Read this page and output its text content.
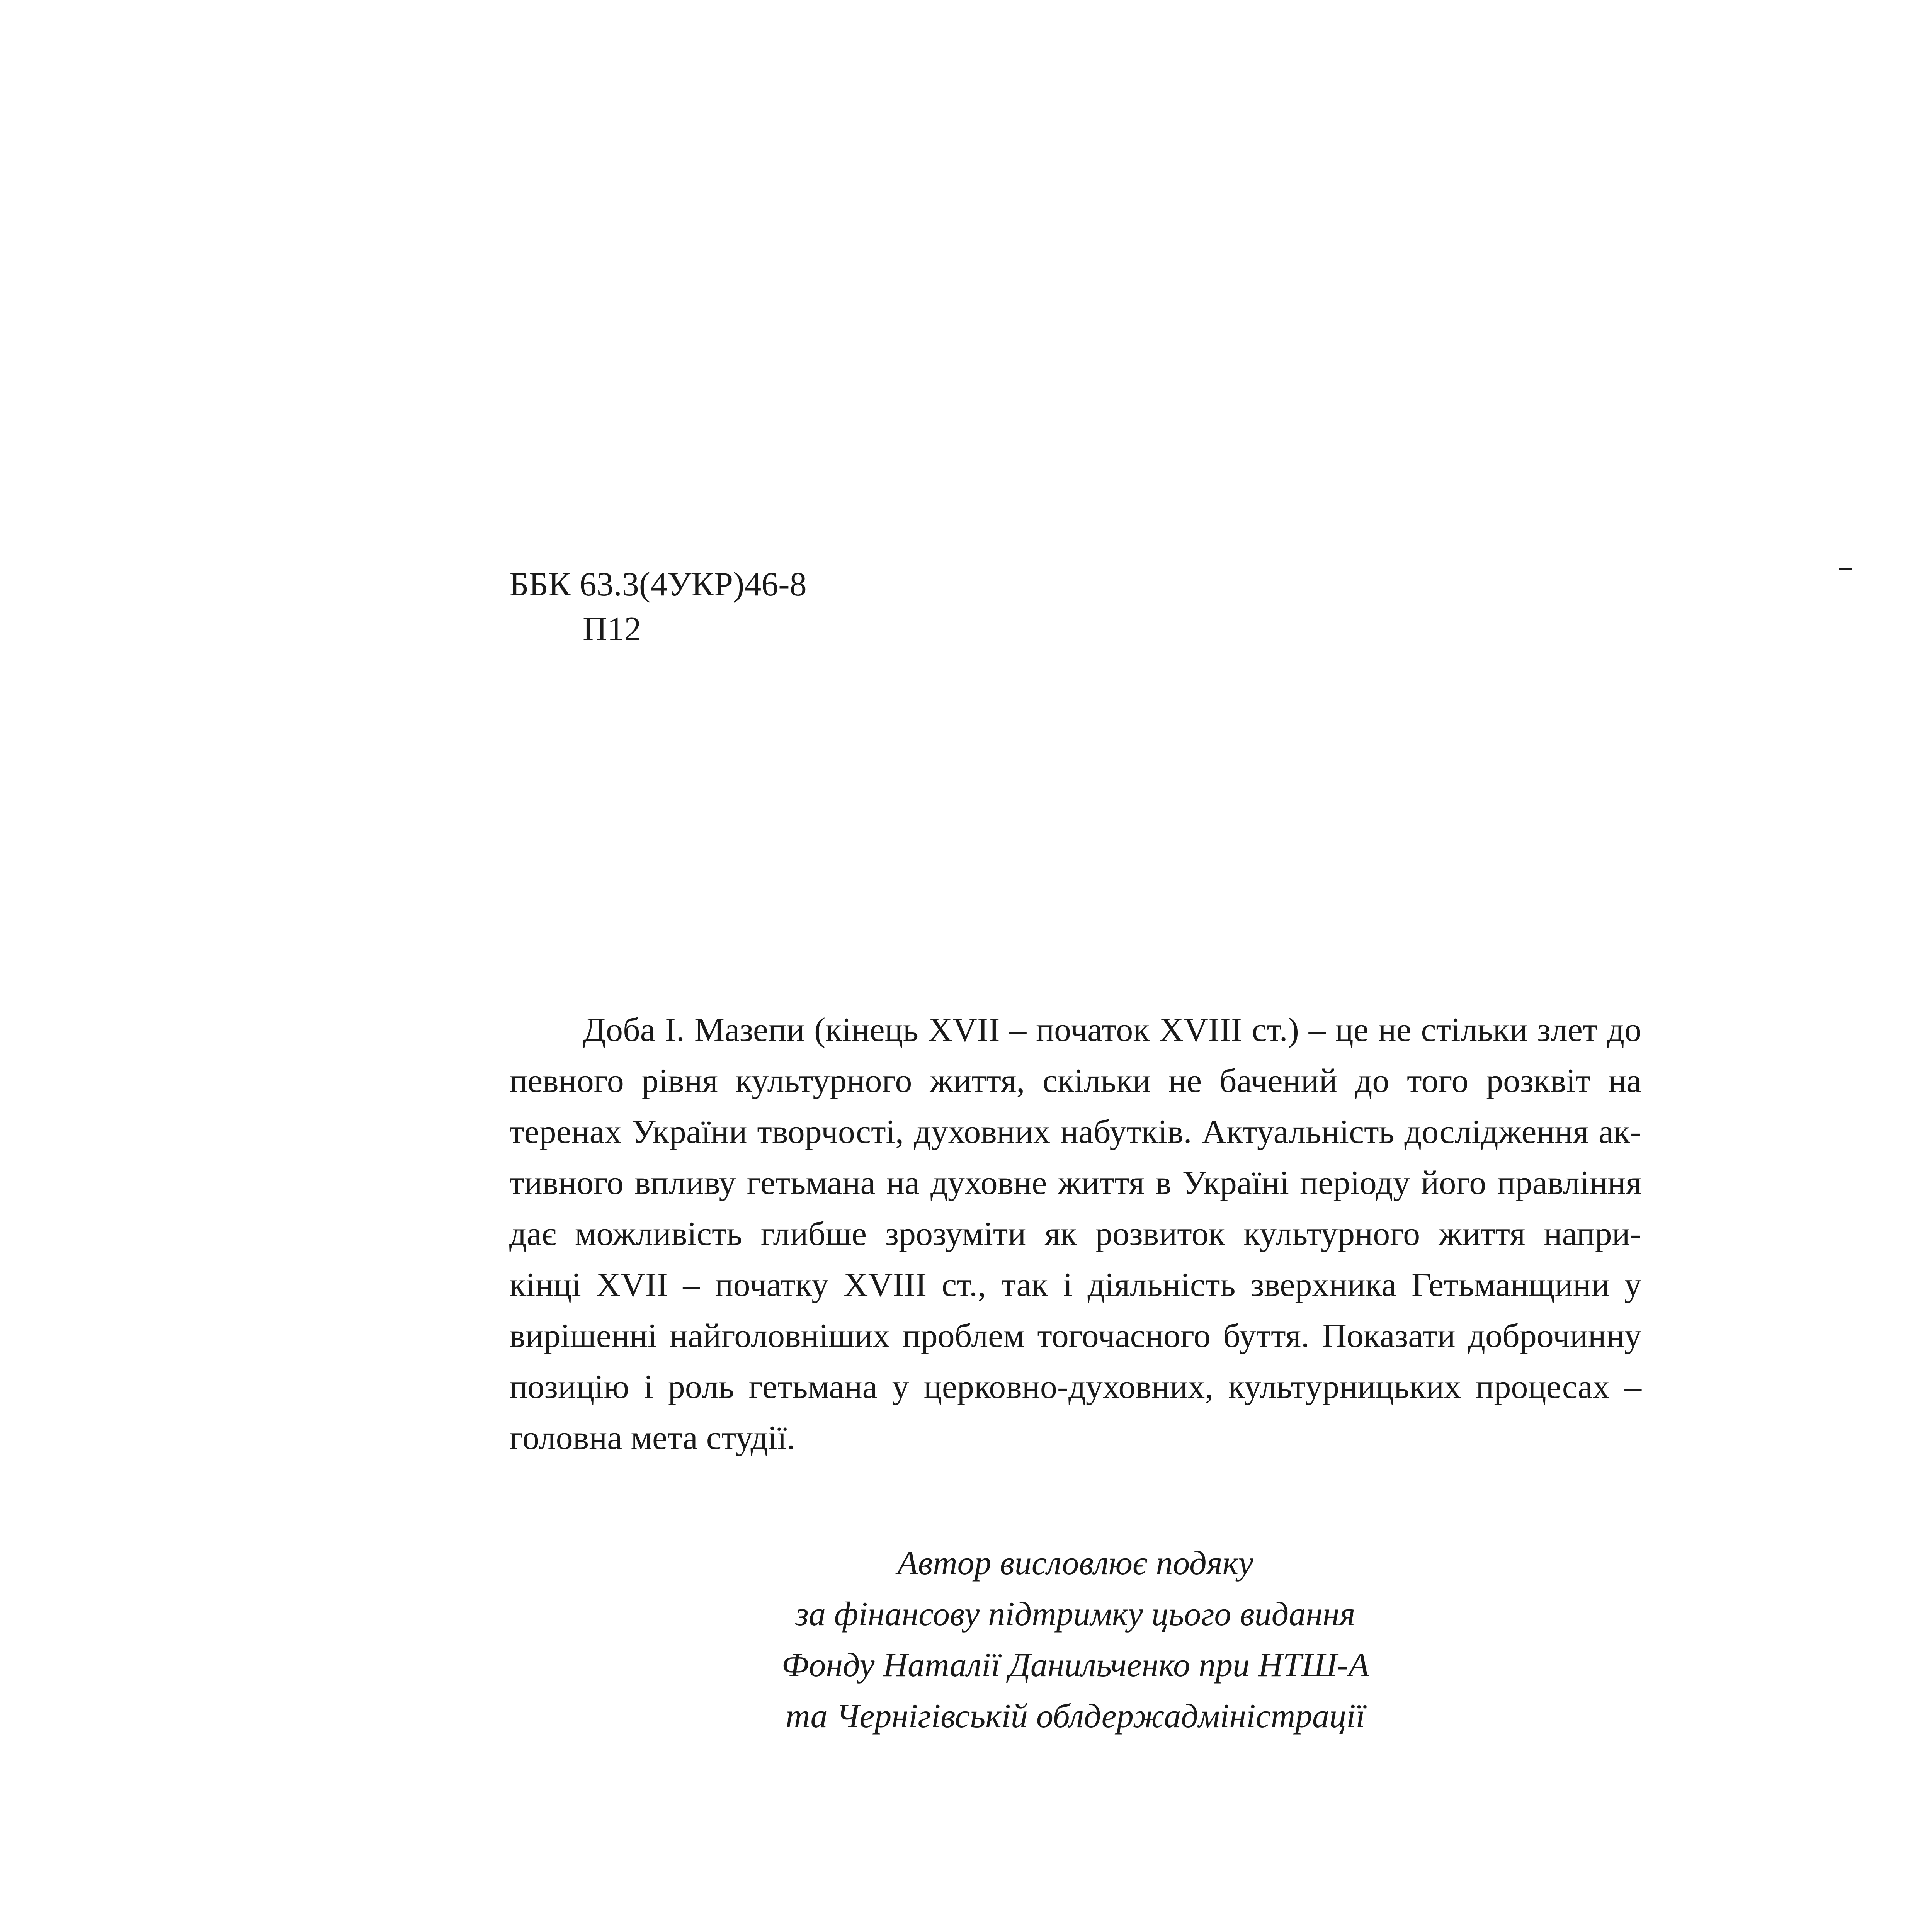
ББК 63.3(4УКР)46-8
П12
Доба І. Мазепи (кінець XVII – початок XVIII ст.) – це не стільки злет до
певного рівня культурного життя, скільки не бачений до того розквіт на
теренах України творчості, духовних набутків. Актуальність дослідження ак-
тивного впливу гетьмана на духовне життя в Україні періоду його правління
дає можливість глибше зрозуміти як розвиток культурного життя напри-
кінці XVII – початку XVIII ст., так і діяльність зверхника Гетьманщини у
вирішенні найголовніших проблем тогочасного буття. Показати доброчинну
позицію і роль гетьмана у церковно-духовних, культурницьких процесах –
головна мета студії.
Автор висловлює подяку
за фінансову підтримку цього видання
Фонду Наталії Данильченко при НТШ-А
та Чернігівській облдержадміністрації
